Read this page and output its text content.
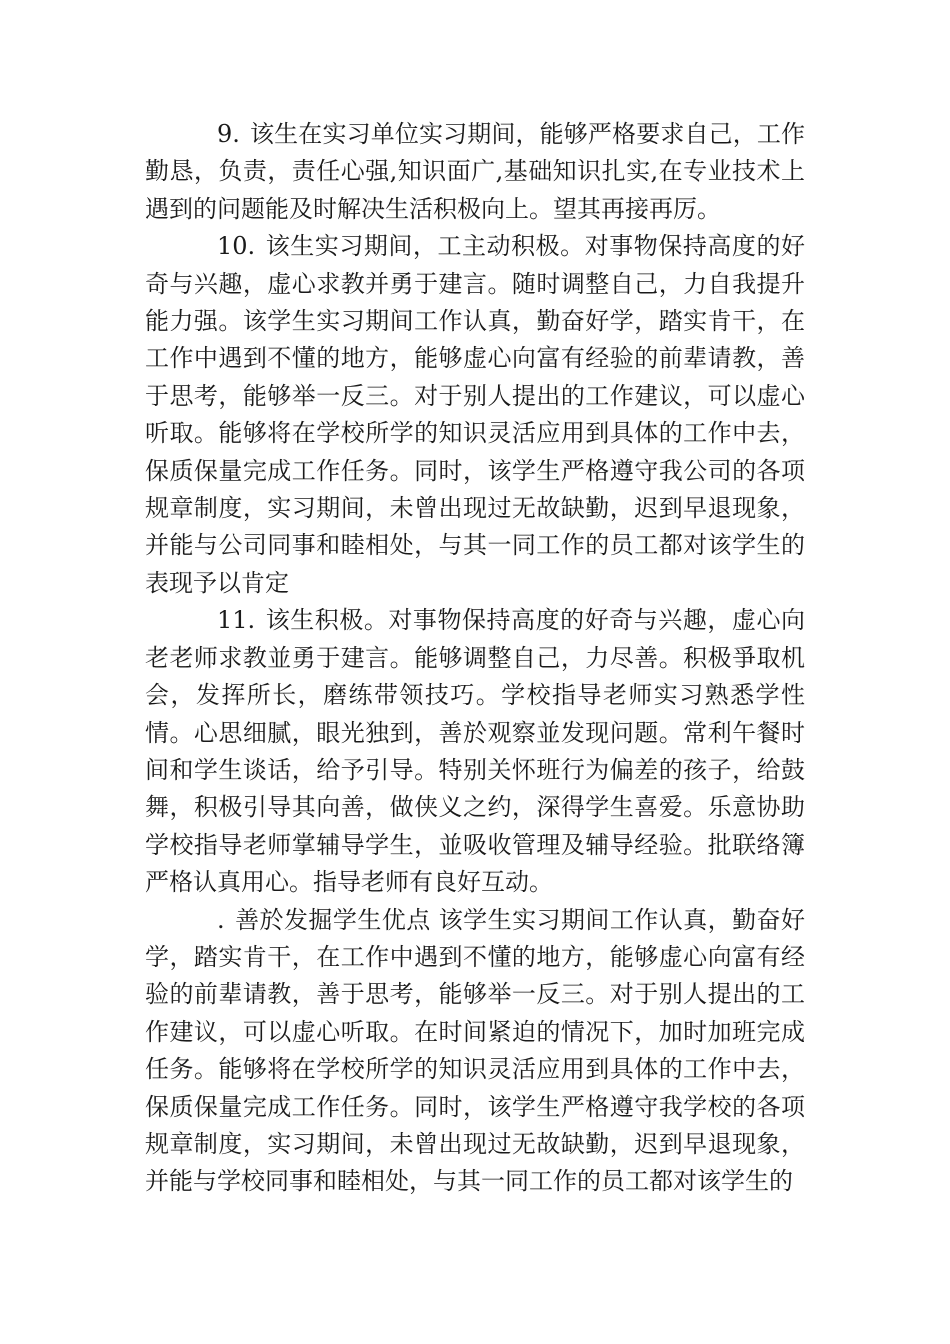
9. 该生在实习单位实习期间，能够严格要求自己，工作勤恳，负责，责任心强,知识面广,基础知识扎实,在专业技术上遇到的问题能及时解决生活积极向上。望其再接再厉。

10. 该生实习期间，工主动积极。对事物保持高度的好奇与兴趣，虚心求教并勇于建言。随时调整自己，力自我提升能力强。该学生实习期间工作认真，勤奋好学，踏实肯干，在工作中遇到不懂的地方，能够虚心向富有经验的前辈请教，善于思考，能够举一反三。对于别人提出的工作建议，可以虚心听取。能够将在学校所学的知识灵活应用到具体的工作中去，保质保量完成工作任务。同时，该学生严格遵守我公司的各项规章制度，实习期间，未曾出现过无故缺勤，迟到早退现象，并能与公司同事和睦相处，与其一同工作的员工都对该学生的表现予以肯定

11. 该生积极。对事物保持高度的好奇与兴趣，虚心向老老师求教並勇于建言。能够调整自己，力尽善。积极爭取机会，发挥所长，磨练带领技巧。学校指导老师实习熟悉学性情。心思细腻，眼光独到，善於观察並发现问题。常利午餐时间和学生谈话，给予引导。特别关怀班行为偏差的孩子，给鼓舞，积极引导其向善，做侠义之约，深得学生喜爱。乐意协助学校指导老师掌辅导学生，並吸收管理及辅导经验。批联络簿严格认真用心。指导老师有良好互动。

. 善於发掘学生优点 该学生实习期间工作认真，勤奋好学，踏实肯干，在工作中遇到不懂的地方，能够虚心向富有经验的前辈请教，善于思考，能够举一反三。对于别人提出的工作建议，可以虚心听取。在时间紧迫的情况下，加时加班完成任务。能够将在学校所学的知识灵活应用到具体的工作中去，保质保量完成工作任务。同时，该学生严格遵守我学校的各项规章制度，实习期间，未曾出现过无故缺勤，迟到早退现象，并能与学校同事和睦相处，与其一同工作的员工都对该学生的
